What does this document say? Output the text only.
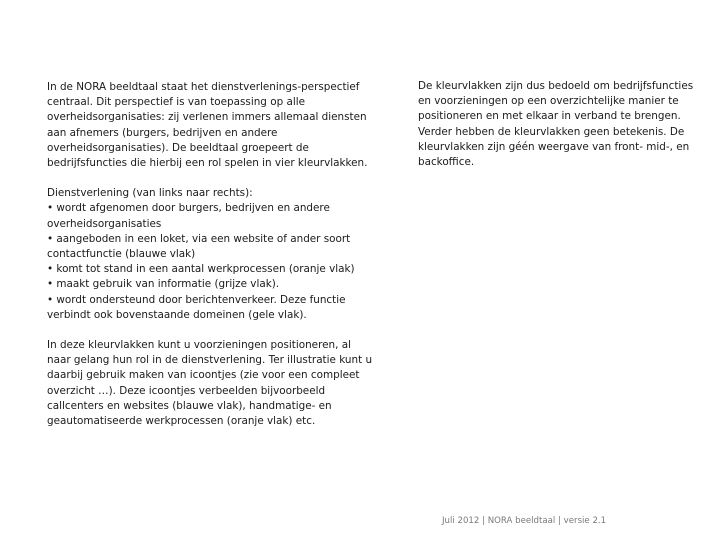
In de NORA beeldtaal staat het dienstverlenings-perspectief
centraal. Dit perspectief is van toepassing op alle
overheidsorganisaties: zij verlenen immers allemaal diensten
aan afnemers (burgers, bedrijven en andere
overheidsorganisaties). De beeldtaal groepeert de
bedrijfsfuncties die hierbij een rol spelen in vier kleurvlakken.

Dienstverlening (van links naar rechts):
• wordt afgenomen door burgers, bedrijven en andere
overheidsorganisaties
• aangeboden in een loket, via een website of ander soort
contactfunctie (blauwe vlak)
• komt tot stand in een aantal werkprocessen (oranje vlak)
• maakt gebruik van informatie (grijze vlak).
• wordt ondersteund door berichtenverkeer. Deze functie
verbindt ook bovenstaande domeinen (gele vlak).

In deze kleurvlakken kunt u voorzieningen positioneren, al
naar gelang hun rol in de dienstverlening. Ter illustratie kunt u
daarbij gebruik maken van icoontjes (zie voor een compleet
overzicht …). Deze icoontjes verbeelden bijvoorbeeld
callcenters en websites (blauwe vlak), handmatige- en
geautomatiseerde werkprocessen (oranje vlak) etc.

De kleurvlakken zijn dus bedoeld om bedrijfsfuncties
en voorzieningen op een overzichtelijke manier te
positioneren en met elkaar in verband te brengen.
Verder hebben de kleurvlakken geen betekenis. De
kleurvlakken zijn géén weergave van front- mid-, en
backoffice.

Juli 2012 | NORA beeldtaal | versie 2.1
